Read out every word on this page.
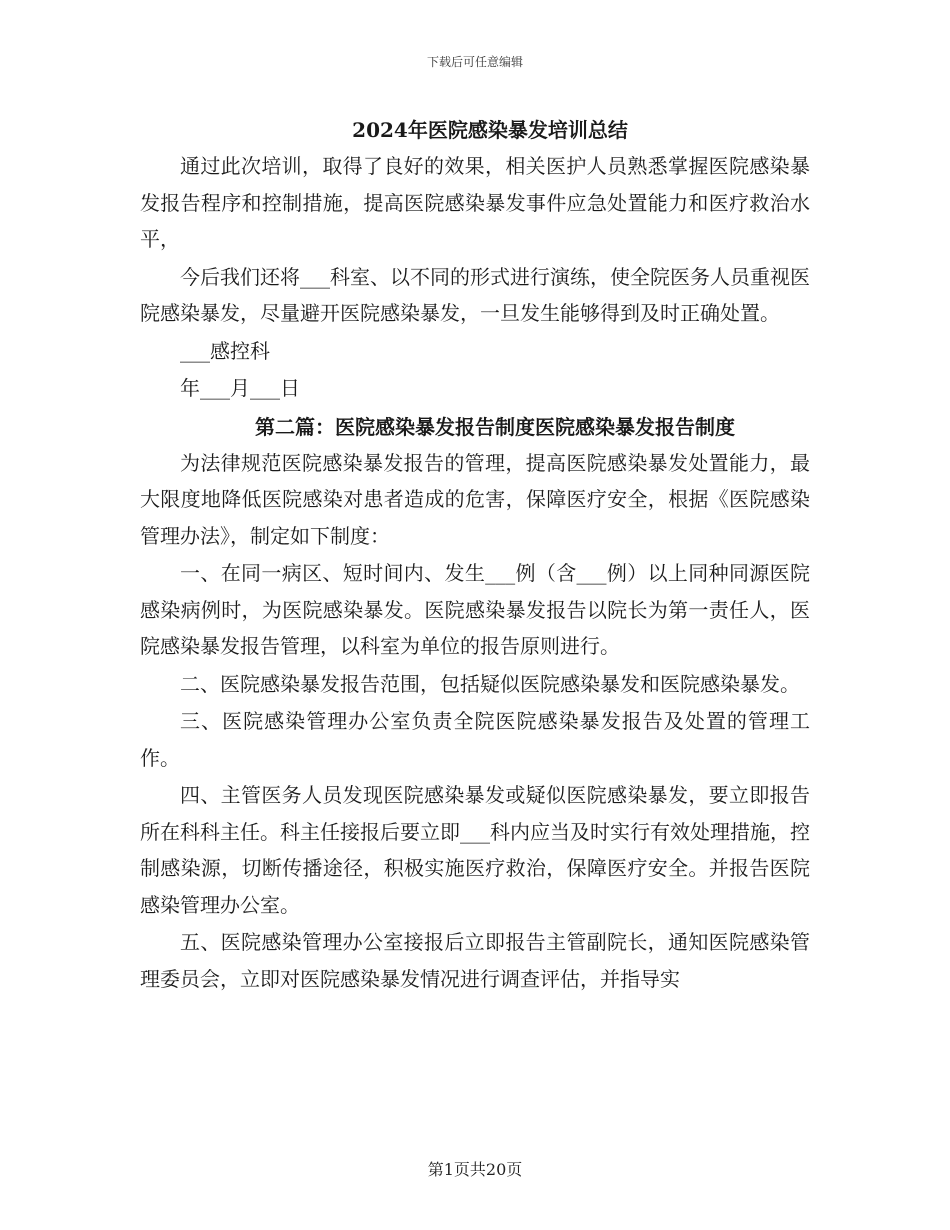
下载后可任意编辑
2024年医院感染暴发培训总结

通过此次培训，取得了良好的效果，相关医护人员熟悉掌握医院感染暴发报告程序和控制措施，提高医院感染暴发事件应急处置能力和医疗救治水平，

今后我们还将___科室、以不同的形式进行演练，使全院医务人员重视医院感染暴发，尽量避开医院感染暴发，一旦发生能够得到及时正确处置。

___感控科

年___月___日

第二篇：医院感染暴发报告制度医院感染暴发报告制度

为法律规范医院感染暴发报告的管理，提高医院感染暴发处置能力，最大限度地降低医院感染对患者造成的危害，保障医疗安全，根据《医院感染管理办法》，制定如下制度：

一、在同一病区、短时间内、发生___例（含___例）以上同种同源医院感染病例时，为医院感染暴发。医院感染暴发报告以院长为第一责任人，医院感染暴发报告管理，以科室为单位的报告原则进行。

二、医院感染暴发报告范围，包括疑似医院感染暴发和医院感染暴发。

三、医院感染管理办公室负责全院医院感染暴发报告及处置的管理工作。

四、主管医务人员发现医院感染暴发或疑似医院感染暴发，要立即报告所在科科主任。科主任接报后要立即___科内应当及时实行有效处理措施，控制感染源，切断传播途径，积极实施医疗救治，保障医疗安全。并报告医院感染管理办公室。

五、医院感染管理办公室接报后立即报告主管副院长，通知医院感染管理委员会，立即对医院感染暴发情况进行调查评估，并指导实

第1页共20页
